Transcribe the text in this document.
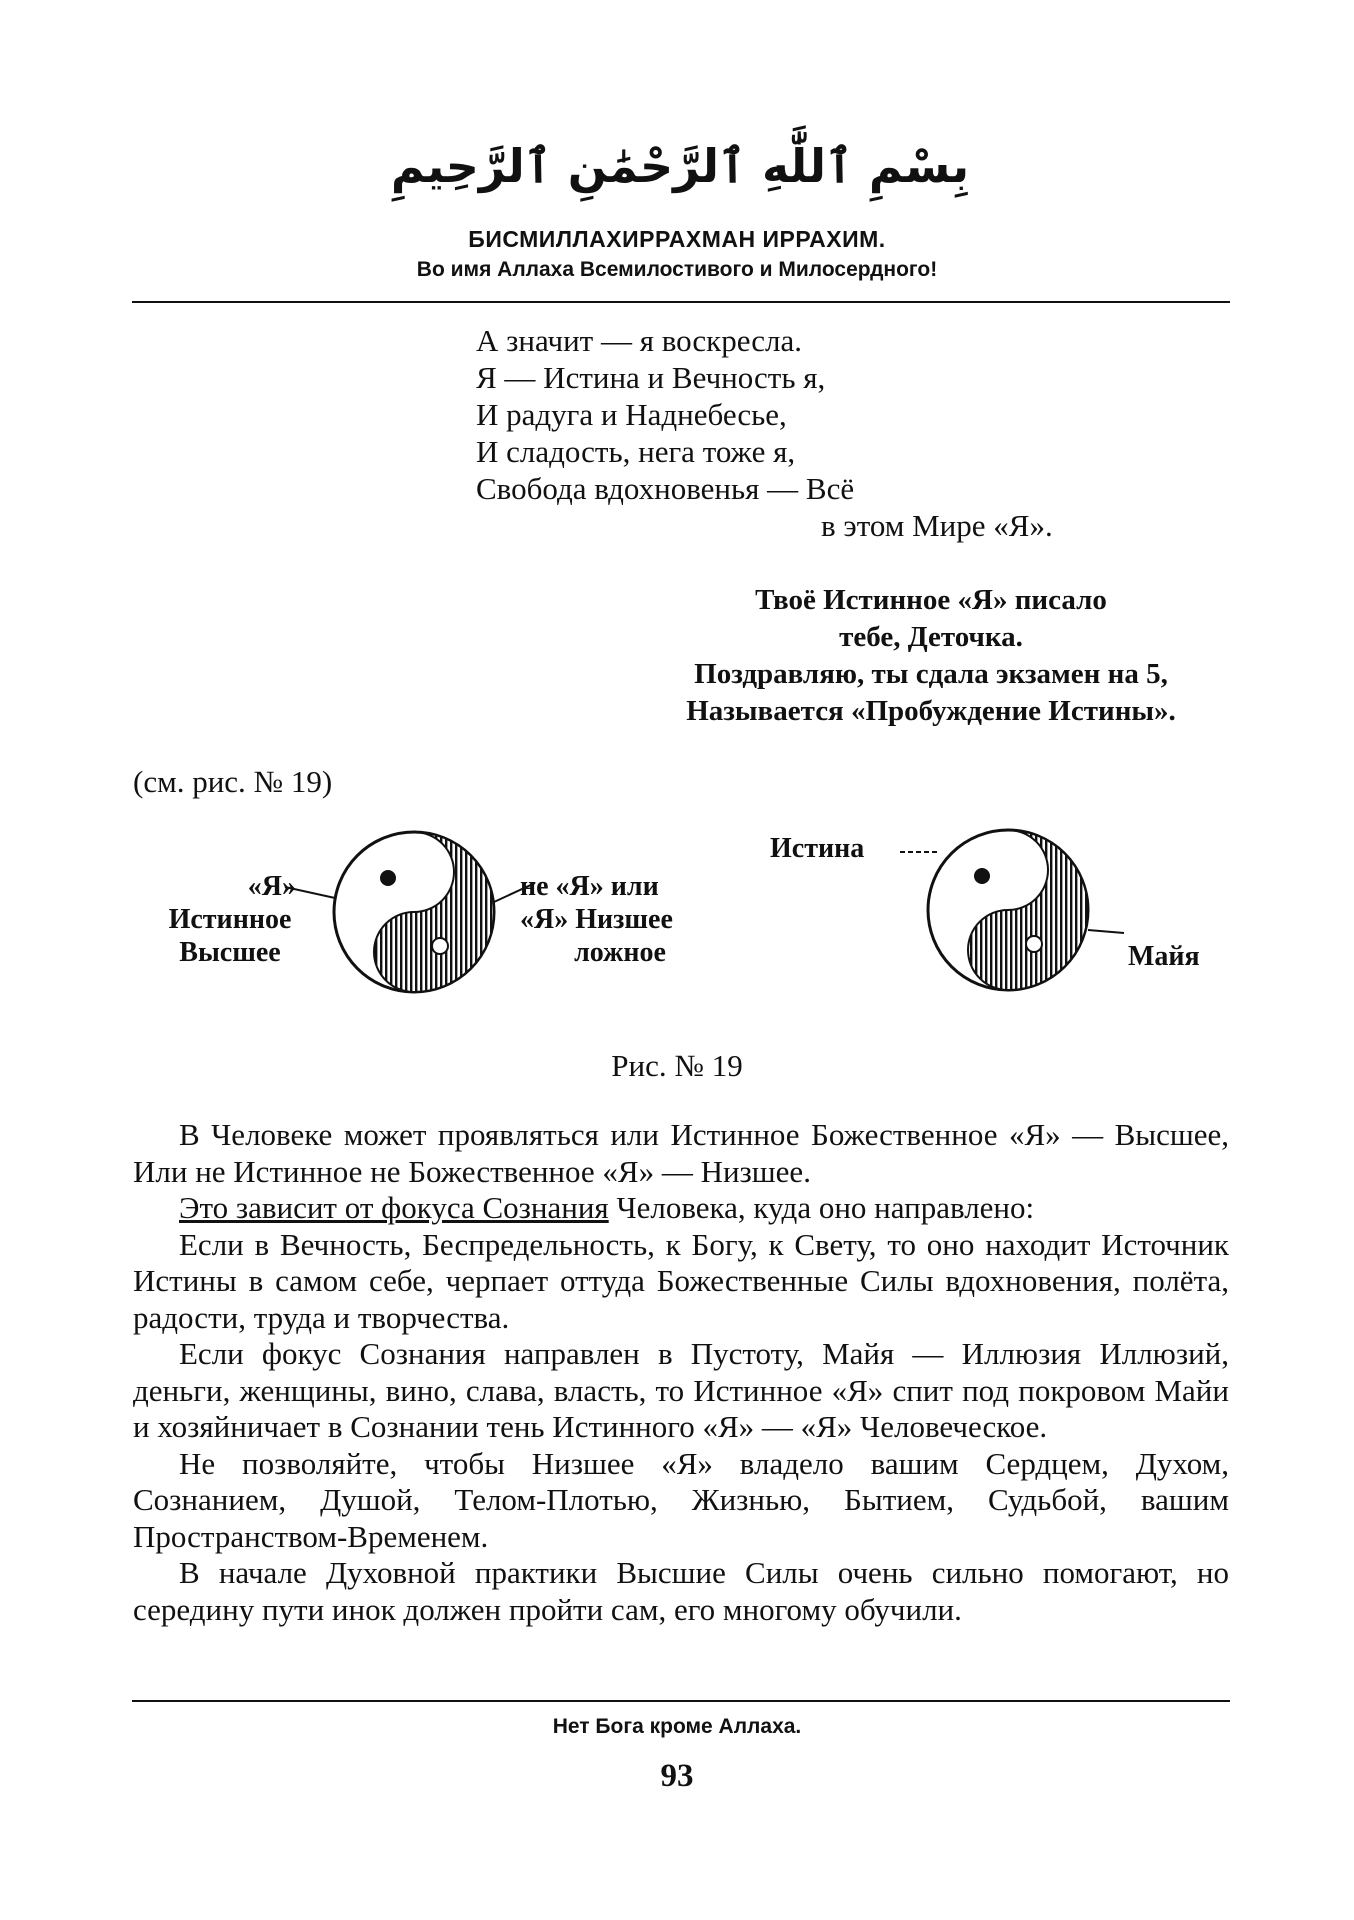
بِسْمِ ٱللَّٰهِ ٱلرَّحْمَٰنِ ٱلرَّحِيمِ
БИСМИЛЛАХИРРАХМАН ИРРАХИМ.
Во имя Аллаха Всемилостивого и Милосердного!
А значит — я воскресла.
Я — Истина и Вечность я,
И радуга и Наднебесье,
И сладость, нега тоже я,
Свобода вдохновенья — Всё
в этом Мире «Я».
Твоё Истинное «Я» писало
тебе, Деточка.
Поздравляю, ты сдала экзамен на 5,
Называется «Пробуждение Истины».
(см. рис. № 19)
«Я»
Истинное
Высшее
не «Я» или
«Я» Низшее
ложное
Истина
Майя
Рис. № 19

В Человеке может проявляться или Истинное Божественное «Я» — Высшее, Или не Истинное не Божественное «Я» — Низшее.

Это зависит от фокуса Сознания Человека, куда оно направлено:

Если в Вечность, Беспредельность, к Богу, к Свету, то оно находит Источник Истины в самом себе, черпает оттуда Божественные Силы вдохновения, полёта, радости, труда и творчества.

Если фокус Сознания направлен в Пустоту, Майя — Иллюзия Иллюзий, деньги, женщины, вино, слава, власть, то Истинное «Я» спит под покровом Майи и хозяйничает в Сознании тень Истинного «Я» — «Я» Человеческое.

Не позволяйте, чтобы Низшее «Я» владело вашим Сердцем, Духом, Сознанием, Душой, Телом-Плотью, Жизнью, Бытием, Судьбой, вашим Пространством-Временем.

В начале Духовной практики Высшие Силы очень сильно помогают, но середину пути инок должен пройти сам, его многому обучили.

Нет Бога кроме Аллаха.
93
